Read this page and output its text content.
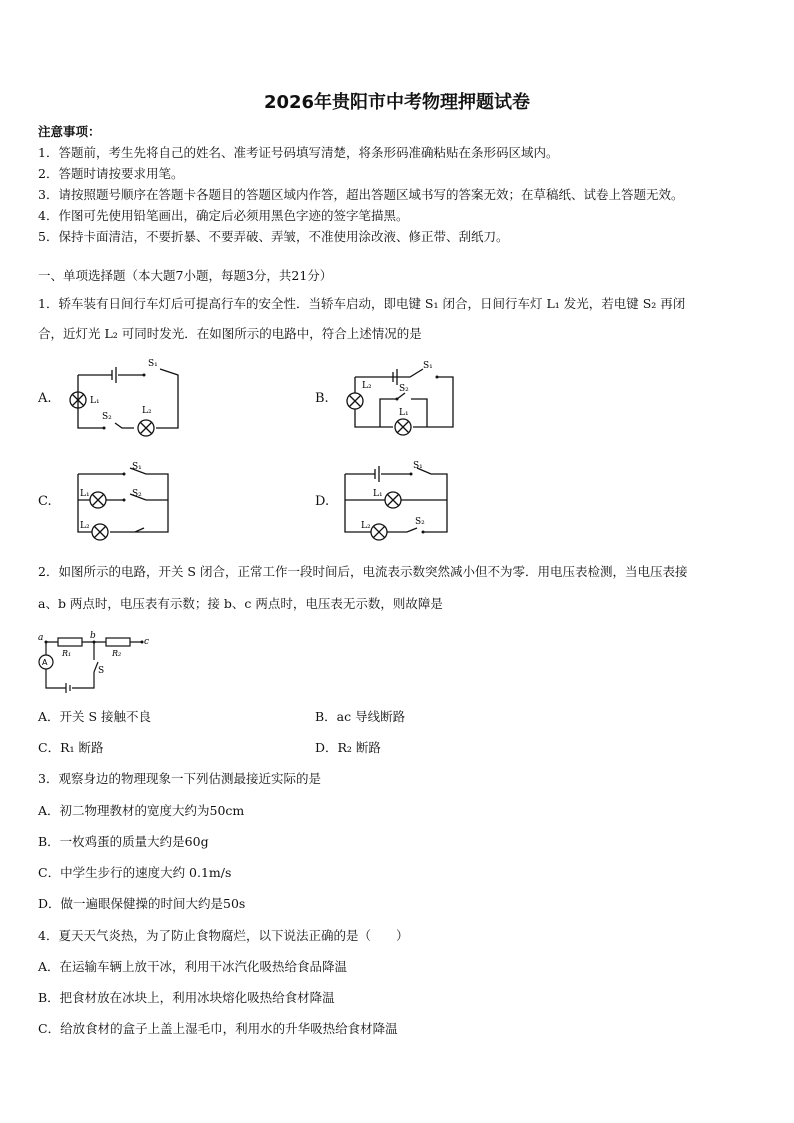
2026年贵阳市中考物理押题试卷
注意事项：
1．答题前，考生先将自己的姓名、准考证号码填写清楚，将条形码准确粘贴在条形码区域内。
2．答题时请按要求用笔。
3．请按照题号顺序在答题卡各题目的答题区域内作答，超出答题区域书写的答案无效；在草稿纸、试卷上答题无效。
4．作图可先使用铅笔画出，确定后必须用黑色字迹的签字笔描黑。
5．保持卡面清洁，不要折暴、不要弄破、弄皱，不准使用涂改液、修正带、刮纸刀。
一、单项选择题（本大题7小题，每题3分，共21分）
1．轿车装有日间行车灯后可提高行车的安全性．当轿车启动，即电键 S₁ 闭合，日间行车灯 L₁ 发光，若电键 S₂ 再闭
合，近灯光 L₂ 可同时发光．在如图所示的电路中，符合上述情况的是
A.	B.
C.	D.
S₁
L₁
S₂
L₂
S₁
L₂	S₂
L₁
S₁
L₁	S₂
L₂
S₁
L₁
S₂
L₂
2．如图所示的电路，开关 S 闭合，正常工作一段时间后，电流表示数突然减小但不为零．用电压表检测，当电压表接
a、b 两点时，电压表有示数；接 b、c 两点时，电压表无示数，则故障是
a	b
c
R₁	R₂
A
S
A．开关 S 接触不良	B．ac 导线断路
C．R₁ 断路	D．R₂ 断路
3．观察身边的物理现象一下列估测最接近实际的是
A．初二物理教材的宽度大约为50cm
B．一枚鸡蛋的质量大约是60g
C．中学生步行的速度大约 0.1m/s
D．做一遍眼保健操的时间大约是50s
4．夏天天气炎热，为了防止食物腐烂，以下说法正确的是（　　）
A．在运输车辆上放干冰，利用干冰汽化吸热给食品降温
B．把食材放在冰块上，利用冰块熔化吸热给食材降温
C．给放食材的盒子上盖上湿毛巾，利用水的升华吸热给食材降温
